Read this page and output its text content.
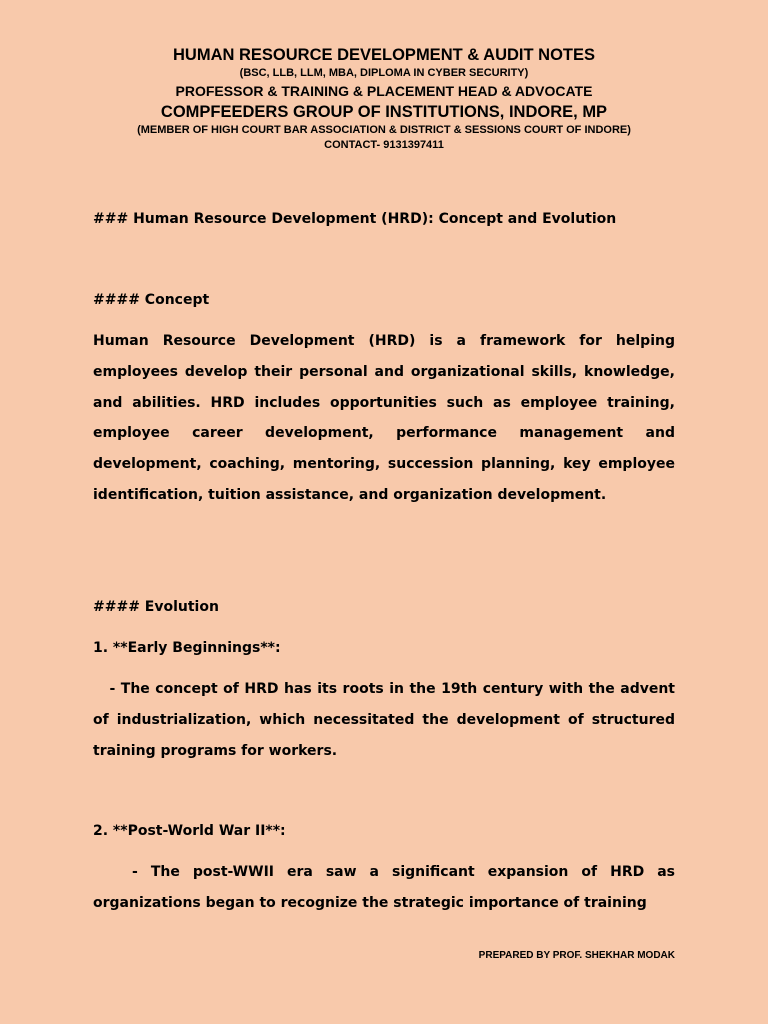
HUMAN RESOURCE DEVELOPMENT & AUDIT NOTES
(BSC, LLB, LLM, MBA, DIPLOMA IN CYBER SECURITY)
PROFESSOR & TRAINING & PLACEMENT HEAD & ADVOCATE
COMPFEEDERS GROUP OF INSTITUTIONS, INDORE, MP
(MEMBER OF HIGH COURT BAR ASSOCIATION & DISTRICT & SESSIONS COURT OF INDORE)
CONTACT- 9131397411
### Human Resource Development (HRD): Concept and Evolution
#### Concept

Human Resource Development (HRD) is a framework for helping employees develop their personal and organizational skills, knowledge, and abilities. HRD includes opportunities such as employee training, employee career development, performance management and development, coaching, mentoring, succession planning, key employee identification, tuition assistance, and organization development.

#### Evolution
1. **Early Beginnings**:

- The concept of HRD has its roots in the 19th century with the advent of industrialization, which necessitated the development of structured training programs for workers.

2. **Post-World War II**:

- The post-WWII era saw a significant expansion of HRD as organizations began to recognize the strategic importance of training

PREPARED BY PROF. SHEKHAR MODAK
